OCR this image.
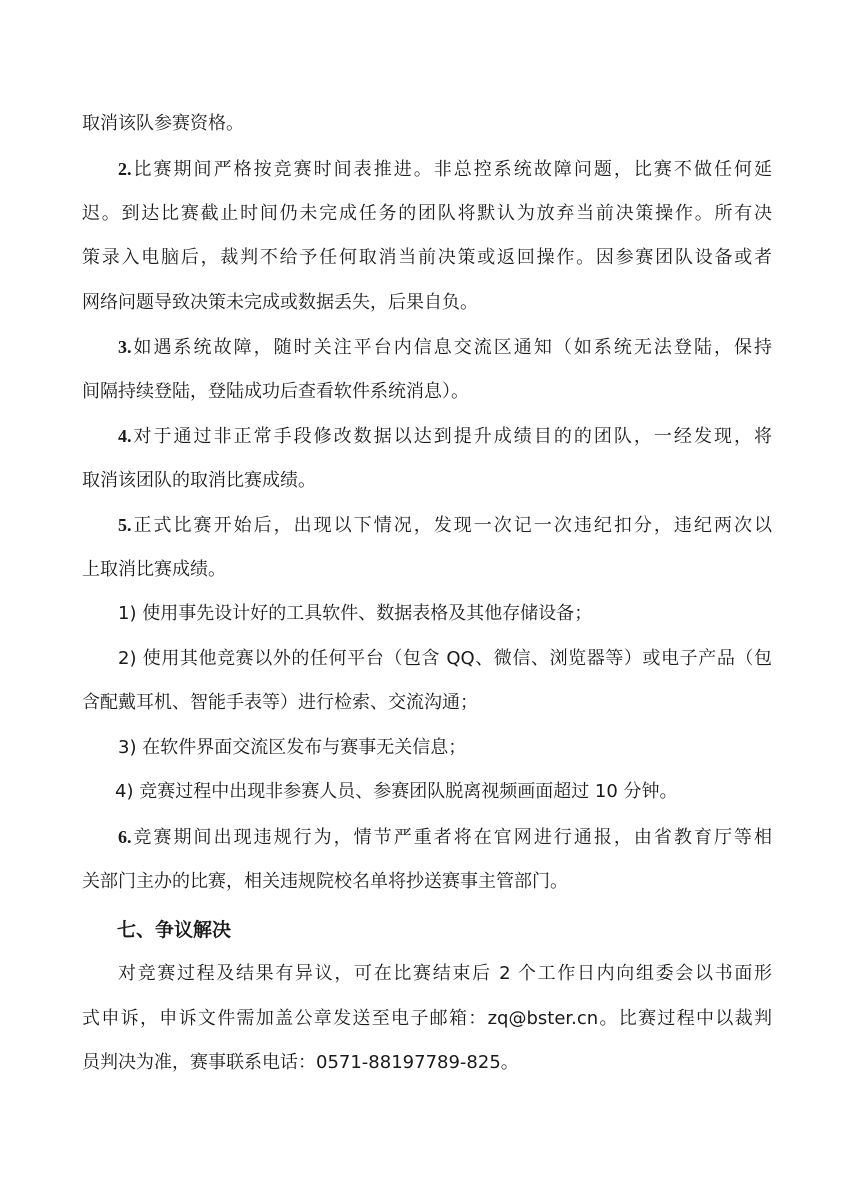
取消该队参赛资格。
2.比赛期间严格按竞赛时间表推进。非总控系统故障问题，比赛不做任何延
迟。到达比赛截止时间仍未完成任务的团队将默认为放弃当前决策操作。所有决
策录入电脑后，裁判不给予任何取消当前决策或返回操作。因参赛团队设备或者
网络问题导致决策未完成或数据丢失，后果自负。
3.如遇系统故障，随时关注平台内信息交流区通知（如系统无法登陆，保持
间隔持续登陆，登陆成功后查看软件系统消息）。
4.对于通过非正常手段修改数据以达到提升成绩目的的团队，一经发现，将
取消该团队的取消比赛成绩。
5.正式比赛开始后，出现以下情况，发现一次记一次违纪扣分，违纪两次以
上取消比赛成绩。
1) 使用事先设计好的工具软件、数据表格及其他存储设备；
2) 使用其他竞赛以外的任何平台（包含 QQ、微信、浏览器等）或电子产品（包
含配戴耳机、智能手表等）进行检索、交流沟通；
3) 在软件界面交流区发布与赛事无关信息；
4) 竞赛过程中出现非参赛人员、参赛团队脱离视频画面超过 10 分钟。
6.竞赛期间出现违规行为，情节严重者将在官网进行通报，由省教育厅等相
关部门主办的比赛，相关违规院校名单将抄送赛事主管部门。
七、争议解决
对竞赛过程及结果有异议，可在比赛结束后 2 个工作日内向组委会以书面形
式申诉，申诉文件需加盖公章发送至电子邮箱：zq@bster.cn。比赛过程中以裁判
员判决为准，赛事联系电话：0571-88197789-825。
